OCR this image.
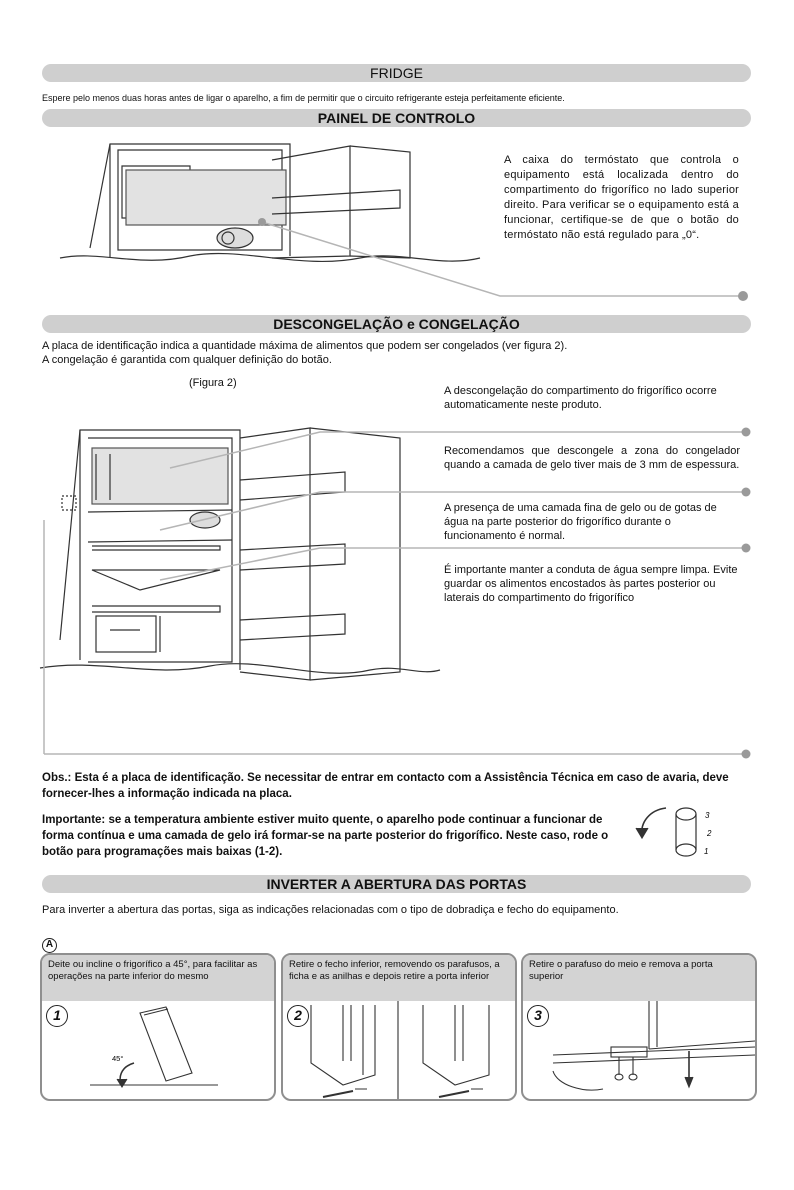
FRIDGE
Espere pelo menos duas horas antes de ligar o aparelho, a fim de permitir que o circuito refrigerante esteja perfeitamente eficiente.
PAINEL DE CONTROLO
A caixa do termóstato que controla o equipamento está localizada dentro do compartimento do frigorífico no lado superior direito. Para verificar se o equipamento está a funcionar, certifique-se de que o botão do termóstato não está regulado para „0“.
DESCONGELAÇÃO e CONGELAÇÃO
A placa de identificação indica a quantidade máxima de alimentos que podem ser congelados (ver figura 2).
A congelação é garantida com qualquer definição do botão.
(Figura 2)
A descongelação do compartimento do frigorífico ocorre automaticamente neste produto.
Recomendamos que descongele a zona do congelador quando a camada de gelo tiver mais de 3 mm de espessura.
A presença de uma camada fina de gelo ou de gotas de água na parte posterior do frigorífico durante o funcionamento é normal.
É importante manter a conduta de água sempre limpa. Evite guardar os alimentos encostados às partes posterior ou laterais do compartimento do frigorífico
Obs.: Esta é a placa de identificação. Se necessitar de entrar em contacto com a Assistência Técnica em caso de avaria, deve fornecer-lhes a informação indicada na placa.
Importante: se a temperatura ambiente estiver muito quente, o aparelho pode continuar a funcionar de forma contínua e uma camada de gelo irá formar-se na parte posterior do frigorífico. Neste caso, rode o botão para programações mais baixas (1-2).
3
2
1
INVERTER A ABERTURA DAS PORTAS
Para inverter a abertura das portas, siga as indicações relacionadas com o tipo de dobradiça e fecho do equipamento.
A
Deite ou incline o frigorífico a 45°, para facilitar as operações na parte inferior do mesmo
1
45°
Retire o fecho inferior, removendo os parafusos, a ficha e as anilhas e depois retire a porta inferior
2
Retire o parafuso do meio e remova a porta superior
3
